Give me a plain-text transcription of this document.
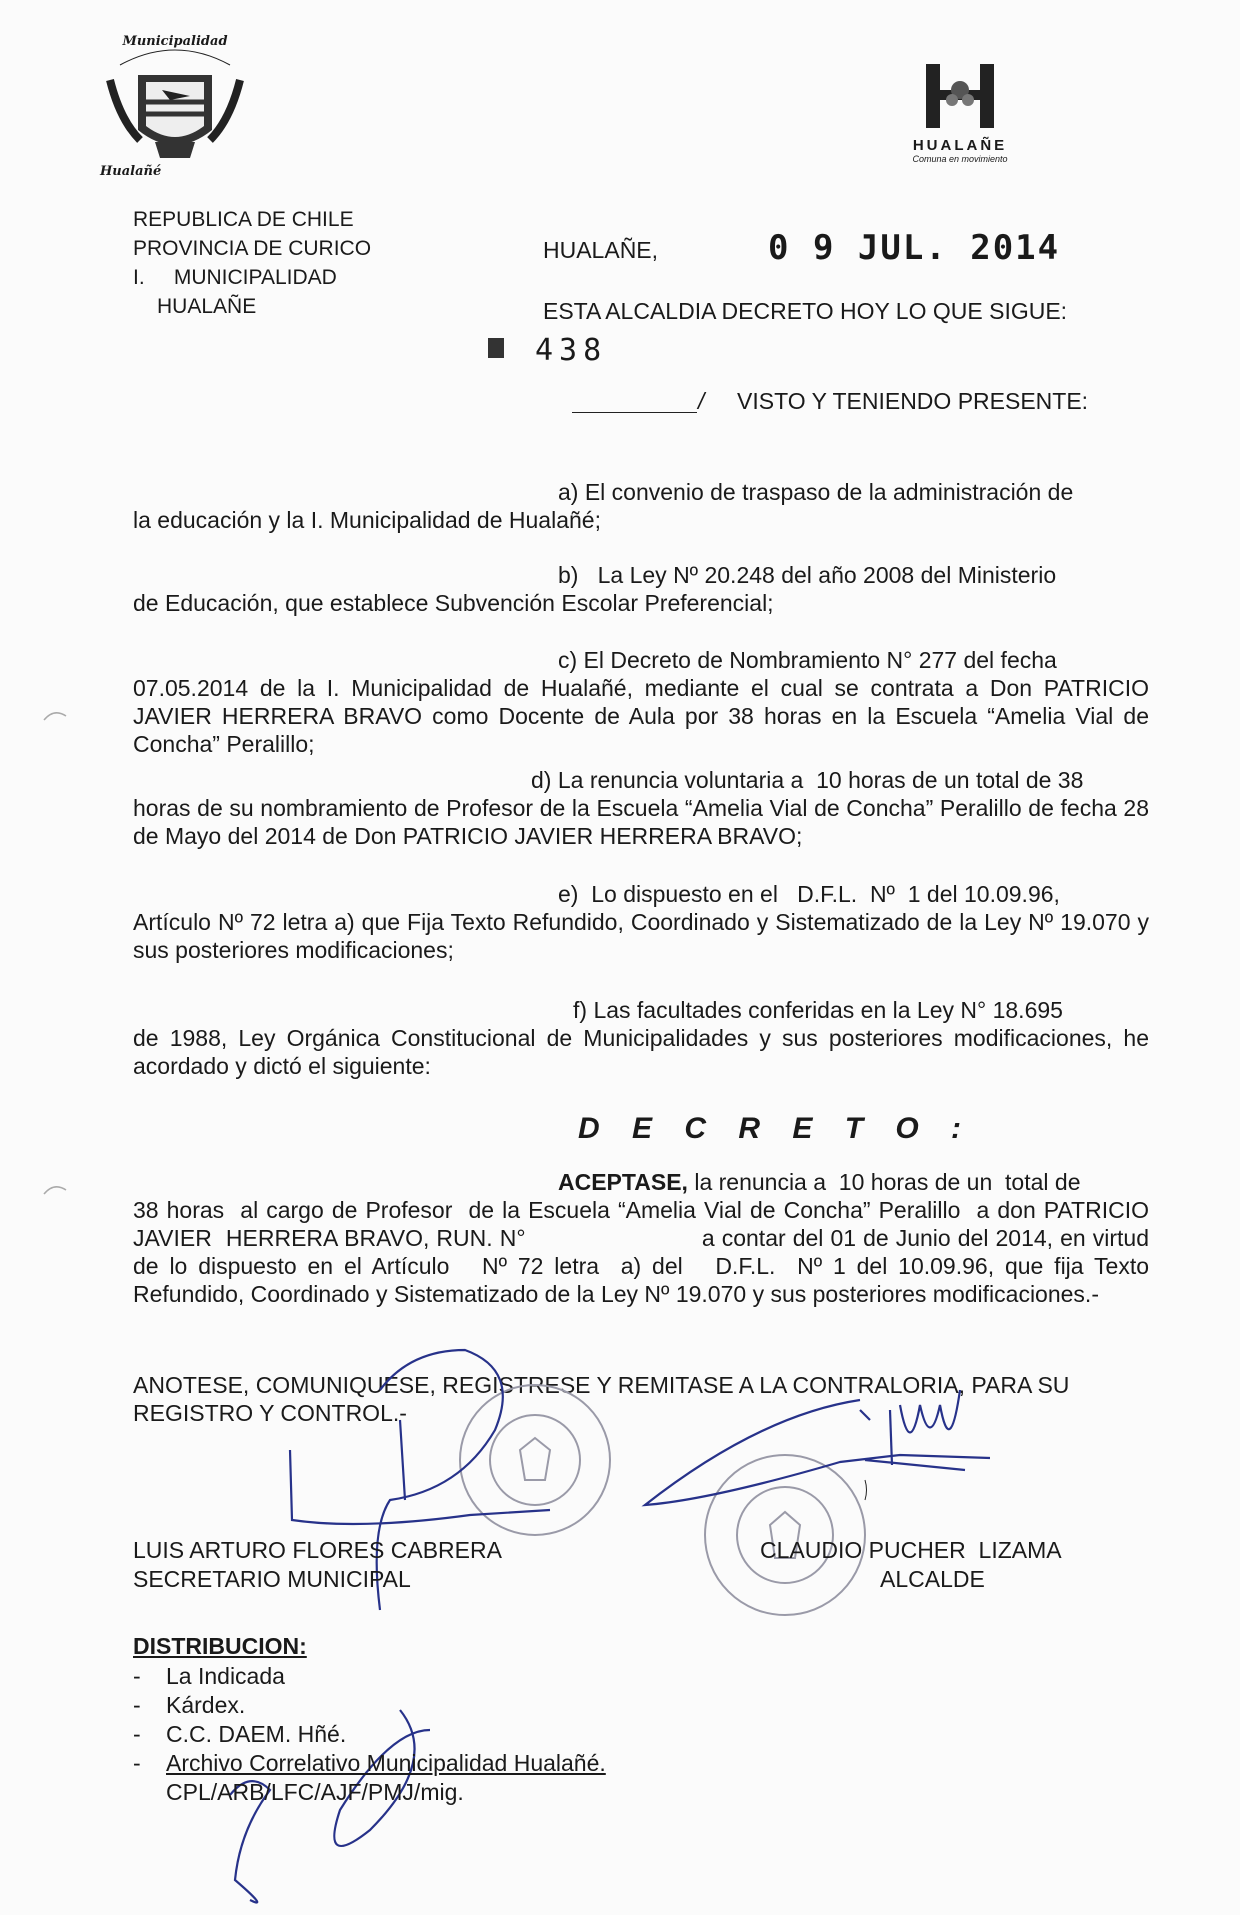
Municipalidad
Hualañé
HUALAÑE
Comuna en movimiento
REPUBLICA DE CHILE
PROVINCIA DE CURICO
I.     MUNICIPALIDAD
HUALAÑE
HUALAÑE,	0 9 JUL. 2014
ESTA ALCALDIA DECRETO HOY LO QUE SIGUE:
438
/ VISTO Y TENIENDO PRESENTE:
a) El convenio de traspaso de la administración de
la educación y la I. Municipalidad de Hualañé;
b)   La Ley Nº 20.248 del año 2008 del Ministerio
de Educación, que establece Subvención Escolar Preferencial;
c) El Decreto de Nombramiento N° 277 del fecha
07.05.2014 de la I. Municipalidad de Hualañé, mediante el cual se contrata a Don PATRICIO JAVIER HERRERA BRAVO como Docente de Aula por 38 horas en la Escuela “Amelia Vial de Concha” Peralillo;
d) La renuncia voluntaria a  10 horas de un total de 38
horas de su nombramiento de Profesor de la Escuela “Amelia Vial de Concha” Peralillo de fecha 28 de Mayo del 2014 de Don PATRICIO JAVIER HERRERA BRAVO;
e)  Lo dispuesto en el   D.F.L.  Nº  1 del 10.09.96,
Artículo Nº 72 letra a) que Fija Texto Refundido, Coordinado y Sistematizado de la Ley Nº 19.070 y sus posteriores modificaciones;
f) Las facultades conferidas en la Ley N° 18.695
de 1988, Ley Orgánica Constitucional de Municipalidades y sus posteriores modificaciones, he acordado y dictó el siguiente:
D E C R E T O :
ACEPTASE, la renuncia a  10 horas de un  total de
38 horas  al cargo de Profesor  de la Escuela “Amelia Vial de Concha” Peralillo  a don PATRICIO JAVIER  HERRERA BRAVO, RUN. N°                         a contar del 01 de Junio del 2014, en virtud de lo dispuesto en el Artículo   Nº 72 letra  a) del   D.F.L.  Nº 1 del 10.09.96, que fija Texto Refundido, Coordinado y Sistematizado de la Ley Nº 19.070 y sus posteriores modificaciones.-
ANOTESE, COMUNIQUESE, REGISTRESE Y REMITASE A LA CONTRALORIA, PARA SU REGISTRO Y CONTROL.-
LUIS ARTURO FLORES CABRERA
SECRETARIO MUNICIPAL
CLAUDIO PUCHER  LIZAMA
ALCALDE
DISTRIBUCION:
- La Indicada
- Kárdex.
- C.C. DAEM. Hñé.
- Archivo Correlativo Municipalidad Hualañé.
CPL/ARB/LFC/AJF/PMJ/mig.
